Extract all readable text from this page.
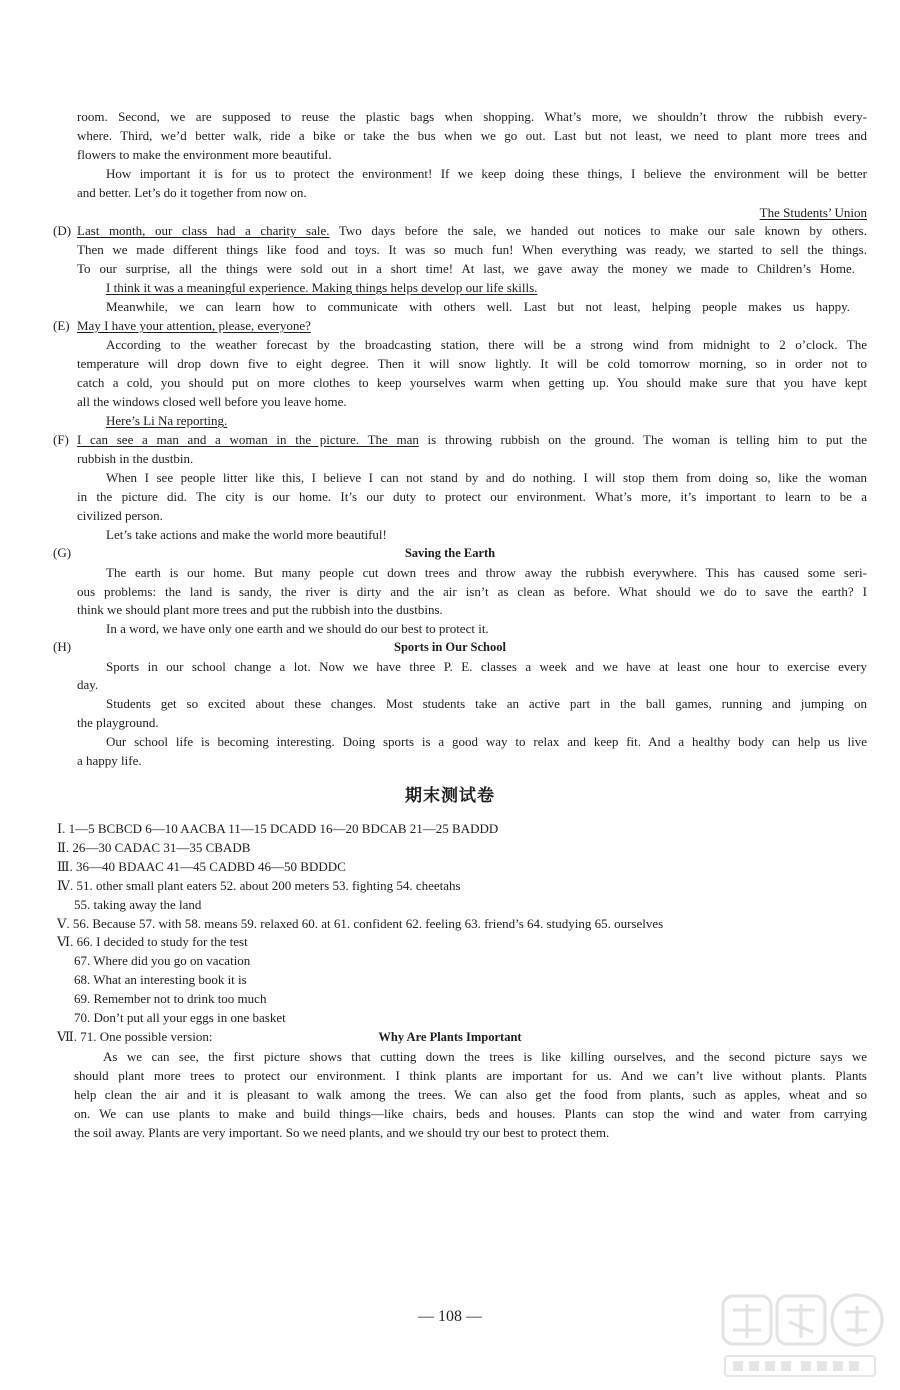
room. Second, we are supposed to reuse the plastic bags when shopping. What’s more, we shouldn’t throw the rubbish every-

where. Third, we’d better walk, ride a bike or take the bus when we go out. Last but not least, we need to plant more trees and

flowers to make the environment more beautiful.

How important it is for us to protect the environment! If we keep doing these things, I believe the environment will be better

and better. Let’s do it together from now on.

The Students’ Union
(D) Last month, our class had a charity sale. Two days before the sale, we handed out notices to make our sale known by others.

Then we made different things like food and toys. It was so much fun! When everything was ready, we started to sell the things.

To our surprise, all the things were sold out in a short time! At last, we gave away the money we made to Children’s Home.

I think it was a meaningful experience. Making things helps develop our life skills.

Meanwhile, we can learn how to communicate with others well. Last but not least, helping people makes us happy.

(E) May I have your attention, please, everyone?

According to the weather forecast by the broadcasting station, there will be a strong wind from midnight to 2 o’clock. The

temperature will drop down five to eight degree. Then it will snow lightly. It will be cold tomorrow morning, so in order not to

catch a cold, you should put on more clothes to keep yourselves warm when getting up. You should make sure that you have kept

all the windows closed well before you leave home.

Here’s Li Na reporting.

(F) I can see a man and a woman in the picture. The man is throwing rubbish on the ground. The woman is telling him to put the

rubbish in the dustbin.

When I see people litter like this, I believe I can not stand by and do nothing. I will stop them from doing so, like the woman

in the picture did. The city is our home. It’s our duty to protect our environment. What’s more, it’s important to learn to be a

civilized person.

Let’s take actions and make the world more beautiful!

(G)	Saving the Earth

The earth is our home. But many people cut down trees and throw away the rubbish everywhere. This has caused some seri-

ous problems: the land is sandy, the river is dirty and the air isn’t as clean as before. What should we do to save the earth? I

think we should plant more trees and put the rubbish into the dustbins.

In a word, we have only one earth and we should do our best to protect it.

(H)	Sports in Our School

Sports in our school change a lot. Now we have three P. E. classes a week and we have at least one hour to exercise every

day.

Students get so excited about these changes. Most students take an active part in the ball games, running and jumping on

the playground.

Our school life is becoming interesting. Doing sports is a good way to relax and keep fit. And a healthy body can help us live

a happy life.

期末测试卷
Ⅰ. 1—5 BCBCD 6—10 AACBA 11—15 DCADD 16—20 BDCAB 21—25 BADDD
Ⅱ. 26—30 CADAC 31—35 CBADB
Ⅲ. 36—40 BDAAC 41—45 CADBD 46—50 BDDDC
Ⅳ. 51. other small plant eaters 52. about 200 meters 53. fighting 54. cheetahs
55. taking away the land
Ⅴ. 56. Because 57. with 58. means 59. relaxed 60. at 61. confident 62. feeling 63. friend’s 64. studying 65. ourselves
Ⅵ. 66. I decided to study for the test
67. Where did you go on vacation
68. What an interesting book it is
69. Remember not to drink too much
70. Don’t put all your eggs in one basket
Ⅶ. 71. One possible version:	Why Are Plants Important

As we can see, the first picture shows that cutting down the trees is like killing ourselves, and the second picture says we

should plant more trees to protect our environment. I think plants are important for us. And we can’t live without plants. Plants

help clean the air and it is pleasant to walk among the trees. We can also get the food from plants, such as apples, wheat and so

on. We can use plants to make and build things—like chairs, beds and houses. Plants can stop the wind and water from carrying

the soil away. Plants are very important. So we need plants, and we should try our best to protect them.

— 108 —
